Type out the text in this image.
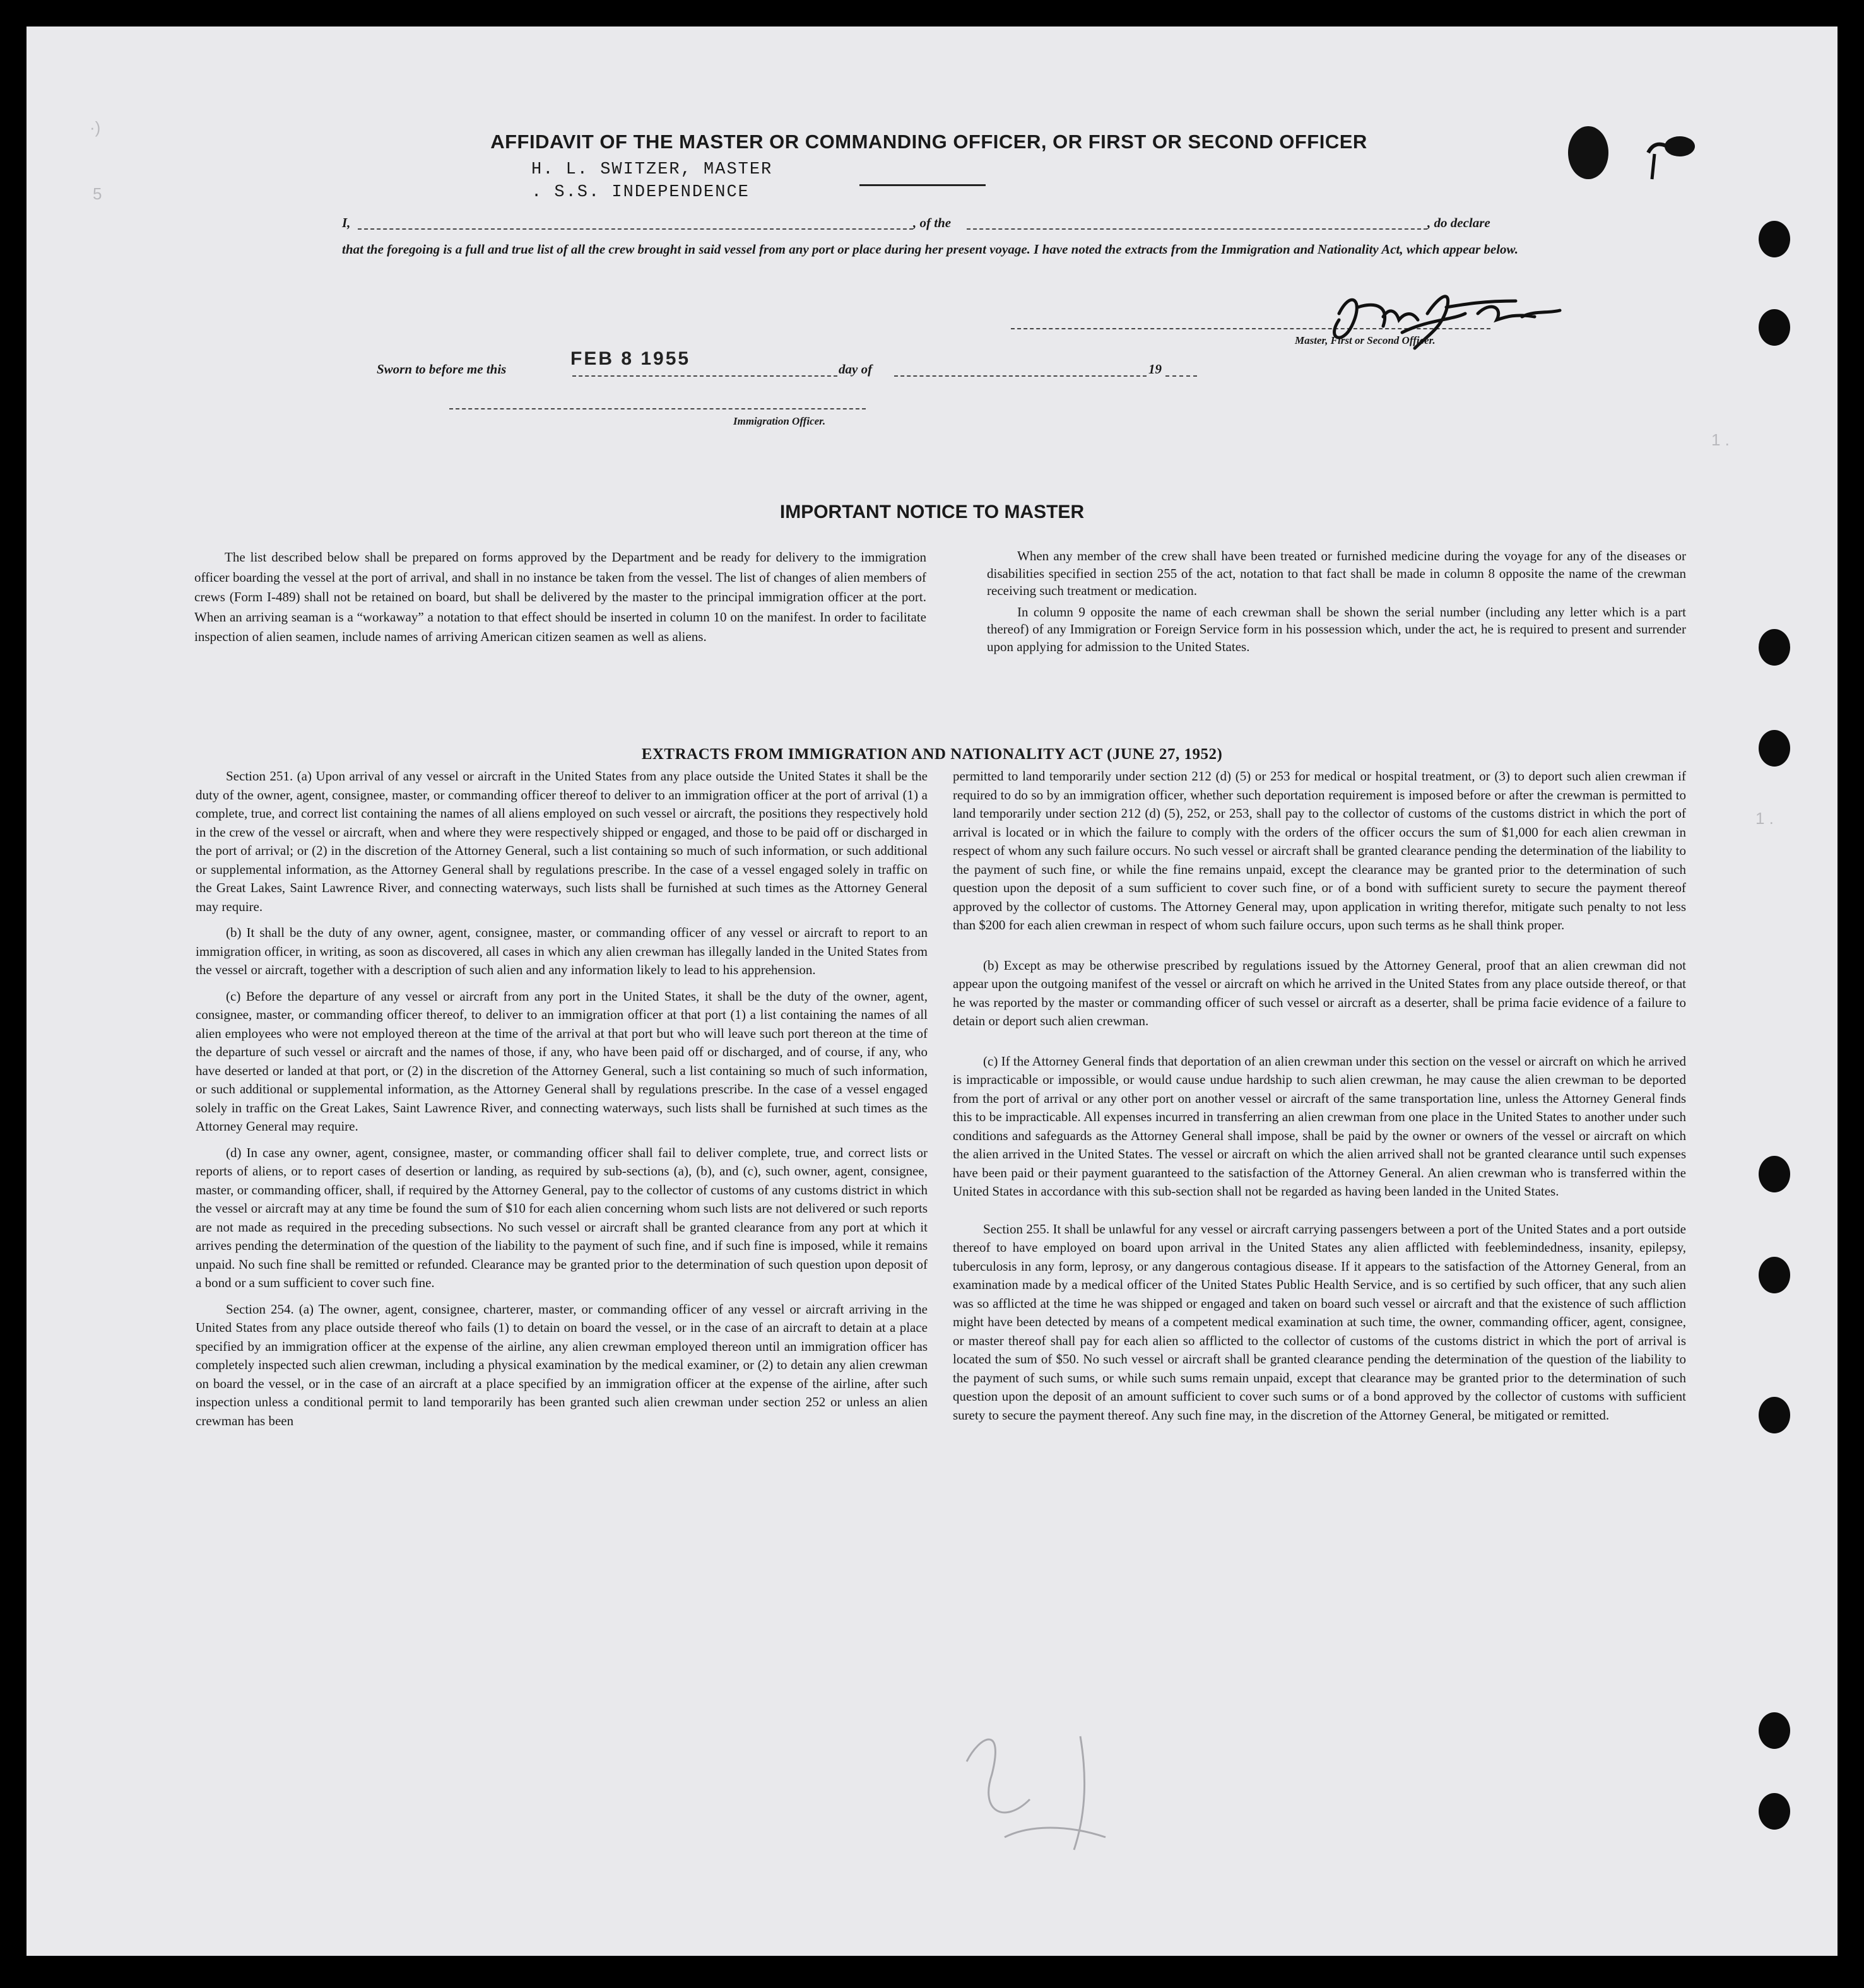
·)
5
1 .
1 .
AFFIDAVIT OF THE MASTER OR COMMANDING OFFICER, OR FIRST OR SECOND OFFICER
H. L. SWITZER, MASTER
. S.S. INDEPENDENCE
I,	, of the	, do declare
that the foregoing is a full and true list of all the crew brought in said vessel from any port or place during her present voyage. I have noted the extracts from the Immigration and Nationality Act, which appear below.
Master, First or Second Officer.
Sworn to before me this	FEB 8 1955	day of	19
Immigration Officer.
IMPORTANT NOTICE TO MASTER

The list described below shall be prepared on forms approved by the Department and be ready for delivery to the immigration officer boarding the vessel at the port of arrival, and shall in no instance be taken from the vessel. The list of changes of alien members of crews (Form I-489) shall not be retained on board, but shall be delivered by the master to the principal immigration officer at the port. When an arriving seaman is a “workaway” a notation to that effect should be inserted in column 10 on the manifest. In order to facilitate inspection of alien seamen, include names of arriving American citizen seamen as well as aliens.

When any member of the crew shall have been treated or furnished medicine during the voyage for any of the diseases or disabilities specified in section 255 of the act, notation to that fact shall be made in column 8 opposite the name of the crewman receiving such treatment or medication.

In column 9 opposite the name of each crewman shall be shown the serial number (including any letter which is a part thereof) of any Immigration or Foreign Service form in his possession which, under the act, he is required to present and surrender upon applying for admission to the United States.

EXTRACTS FROM IMMIGRATION AND NATIONALITY ACT (JUNE 27, 1952)

Section 251. (a) Upon arrival of any vessel or aircraft in the United States from any place outside the United States it shall be the duty of the owner, agent, consignee, master, or commanding officer thereof to deliver to an immigration officer at the port of arrival (1) a complete, true, and correct list containing the names of all aliens employed on such vessel or aircraft, the positions they respectively hold in the crew of the vessel or aircraft, when and where they were respectively shipped or engaged, and those to be paid off or discharged in the port of arrival; or (2) in the discretion of the Attorney General, such a list containing so much of such information, or such additional or supplemental information, as the Attorney General shall by regulations prescribe. In the case of a vessel engaged solely in traffic on the Great Lakes, Saint Lawrence River, and connecting waterways, such lists shall be furnished at such times as the Attorney General may require.

(b) It shall be the duty of any owner, agent, consignee, master, or commanding officer of any vessel or aircraft to report to an immigration officer, in writing, as soon as discovered, all cases in which any alien crewman has illegally landed in the United States from the vessel or aircraft, together with a description of such alien and any information likely to lead to his apprehension.

(c) Before the departure of any vessel or aircraft from any port in the United States, it shall be the duty of the owner, agent, consignee, master, or commanding officer thereof, to deliver to an immigration officer at that port (1) a list containing the names of all alien employees who were not employed thereon at the time of the arrival at that port but who will leave such port thereon at the time of the departure of such vessel or aircraft and the names of those, if any, who have been paid off or discharged, and of course, if any, who have deserted or landed at that port, or (2) in the discretion of the Attorney General, such a list containing so much of such information, or such additional or supplemental information, as the Attorney General shall by regulations prescribe. In the case of a vessel engaged solely in traffic on the Great Lakes, Saint Lawrence River, and connecting waterways, such lists shall be furnished at such times as the Attorney General may require.

(d) In case any owner, agent, consignee, master, or commanding officer shall fail to deliver complete, true, and correct lists or reports of aliens, or to report cases of desertion or landing, as required by sub-sections (a), (b), and (c), such owner, agent, consignee, master, or commanding officer, shall, if required by the Attorney General, pay to the collector of customs of any customs district in which the vessel or aircraft may at any time be found the sum of $10 for each alien concerning whom such lists are not delivered or such reports are not made as required in the preceding subsections. No such vessel or aircraft shall be granted clearance from any port at which it arrives pending the determination of the question of the liability to the payment of such fine, and if such fine is imposed, while it remains unpaid. No such fine shall be remitted or refunded. Clearance may be granted prior to the determination of such question upon deposit of a bond or a sum sufficient to cover such fine.

Section 254. (a) The owner, agent, consignee, charterer, master, or commanding officer of any vessel or aircraft arriving in the United States from any place outside thereof who fails (1) to detain on board the vessel, or in the case of an aircraft to detain at a place specified by an immigration officer at the expense of the airline, any alien crewman employed thereon until an immigration officer has completely inspected such alien crewman, including a physical examination by the medical examiner, or (2) to detain any alien crewman on board the vessel, or in the case of an aircraft at a place specified by an immigration officer at the expense of the airline, after such inspection unless a conditional permit to land temporarily has been granted such alien crewman under section 252 or unless an alien crewman has been

permitted to land temporarily under section 212 (d) (5) or 253 for medical or hospital treatment, or (3) to deport such alien crewman if required to do so by an immigration officer, whether such deportation requirement is imposed before or after the crewman is permitted to land temporarily under section 212 (d) (5), 252, or 253, shall pay to the collector of customs of the customs district in which the port of arrival is located or in which the failure to comply with the orders of the officer occurs the sum of $1,000 for each alien crewman in respect of whom any such failure occurs. No such vessel or aircraft shall be granted clearance pending the determination of the liability to the payment of such fine, or while the fine remains unpaid, except the clearance may be granted prior to the determination of such question upon the deposit of a sum sufficient to cover such fine, or of a bond with sufficient surety to secure the payment thereof approved by the collector of customs. The Attorney General may, upon application in writing therefor, mitigate such penalty to not less than $200 for each alien crewman in respect of whom such failure occurs, upon such terms as he shall think proper.

(b) Except as may be otherwise prescribed by regulations issued by the Attorney General, proof that an alien crewman did not appear upon the outgoing manifest of the vessel or aircraft on which he arrived in the United States from any place outside thereof, or that he was reported by the master or commanding officer of such vessel or aircraft as a deserter, shall be prima facie evidence of a failure to detain or deport such alien crewman.

(c) If the Attorney General finds that deportation of an alien crewman under this section on the vessel or aircraft on which he arrived is impracticable or impossible, or would cause undue hardship to such alien crewman, he may cause the alien crewman to be deported from the port of arrival or any other port on another vessel or aircraft of the same transportation line, unless the Attorney General finds this to be impracticable. All expenses incurred in transferring an alien crewman from one place in the United States to another under such conditions and safeguards as the Attorney General shall impose, shall be paid by the owner or owners of the vessel or aircraft on which the alien arrived in the United States. The vessel or aircraft on which the alien arrived shall not be granted clearance until such expenses have been paid or their payment guaranteed to the satisfaction of the Attorney General. An alien crewman who is transferred within the United States in accordance with this sub-section shall not be regarded as having been landed in the United States.

Section 255. It shall be unlawful for any vessel or aircraft carrying passengers between a port of the United States and a port outside thereof to have employed on board upon arrival in the United States any alien afflicted with feeblemindedness, insanity, epilepsy, tuberculosis in any form, leprosy, or any dangerous contagious disease. If it appears to the satisfaction of the Attorney General, from an examination made by a medical officer of the United States Public Health Service, and is so certified by such officer, that any such alien was so afflicted at the time he was shipped or engaged and taken on board such vessel or aircraft and that the existence of such affliction might have been detected by means of a competent medical examination at such time, the owner, commanding officer, agent, consignee, or master thereof shall pay for each alien so afflicted to the collector of customs of the customs district in which the port of arrival is located the sum of $50. No such vessel or aircraft shall be granted clearance pending the determination of the question of the liability to the payment of such sums, or while such sums remain unpaid, except that clearance may be granted prior to the determination of such question upon the deposit of an amount sufficient to cover such sums or of a bond approved by the collector of customs with sufficient surety to secure the payment thereof. Any such fine may, in the discretion of the Attorney General, be mitigated or remitted.
